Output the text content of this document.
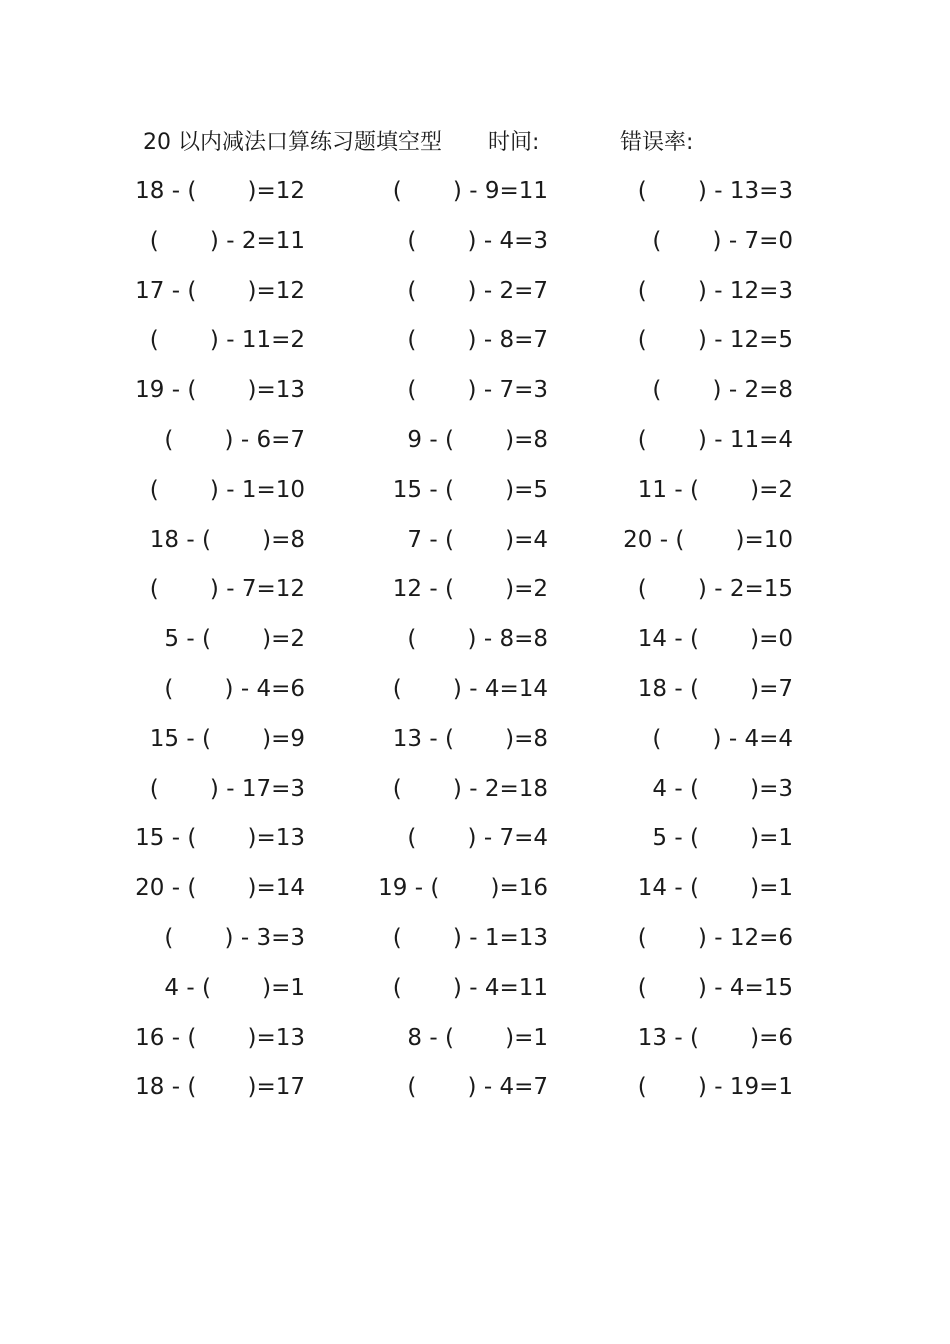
20 以内减法口算练习题填空型 时间:	错误率:
18 - (       )=12	(       ) - 9=11	(       ) - 13=3
(       ) - 2=11	(       ) - 4=3	(       ) - 7=0
17 - (       )=12	(       ) - 2=7	(       ) - 12=3
(       ) - 11=2	(       ) - 8=7	(       ) - 12=5
19 - (       )=13	(       ) - 7=3	(       ) - 2=8
(       ) - 6=7	9 - (       )=8	(       ) - 11=4
(       ) - 1=10	15 - (       )=5	11 - (       )=2
18 - (       )=8	7 - (       )=4	20 - (       )=10
(       ) - 7=12	12 - (       )=2	(       ) - 2=15
5 - (       )=2	(       ) - 8=8	14 - (       )=0
(       ) - 4=6	(       ) - 4=14	18 - (       )=7
15 - (       )=9	13 - (       )=8	(       ) - 4=4
(       ) - 17=3	(       ) - 2=18	4 - (       )=3
15 - (       )=13	(       ) - 7=4	5 - (       )=1
20 - (       )=14	19 - (       )=16	14 - (       )=1
(       ) - 3=3	(       ) - 1=13	(       ) - 12=6
4 - (       )=1	(       ) - 4=11	(       ) - 4=15
16 - (       )=13	8 - (       )=1	13 - (       )=6
18 - (       )=17	(       ) - 4=7	(       ) - 19=1
